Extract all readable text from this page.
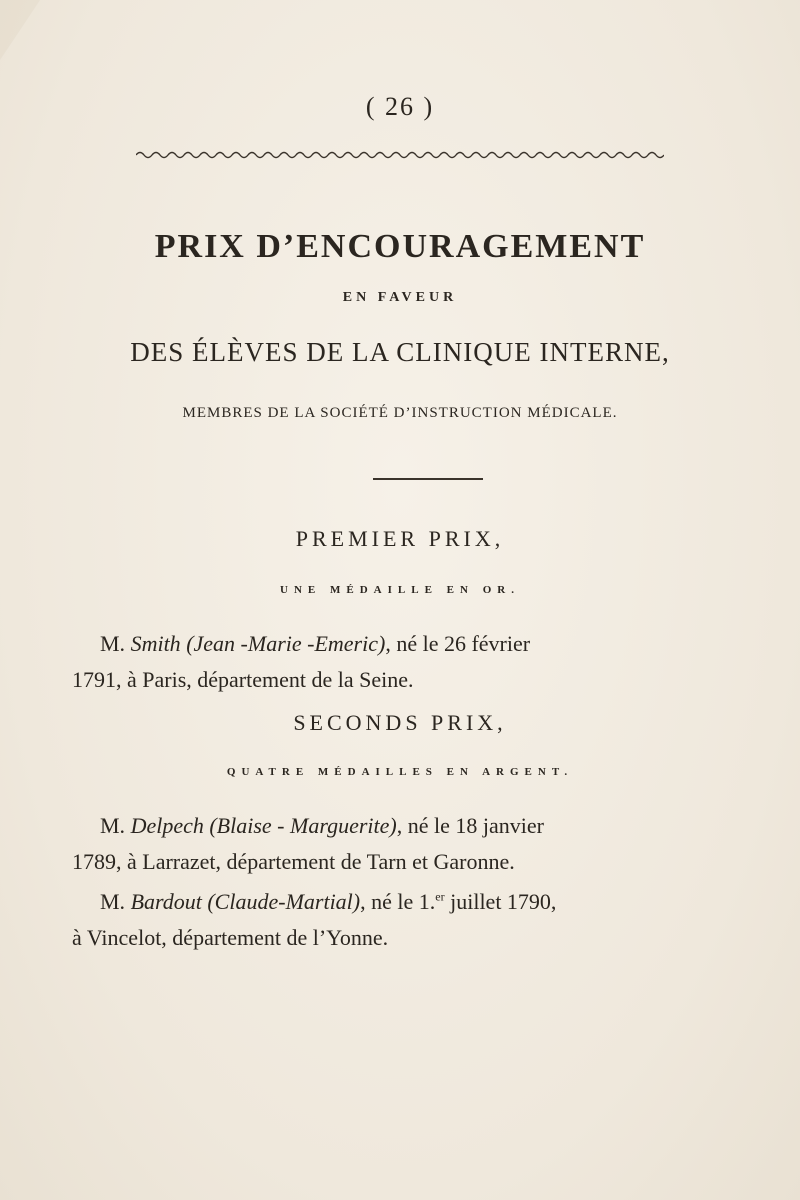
( 26 )
PRIX D’ENCOURAGEMENT
EN FAVEUR
DES ÉLÈVES DE LA CLINIQUE INTERNE,
MEMBRES DE LA SOCIÉTÉ D’INSTRUCTION MÉDICALE.
PREMIER PRIX,
UNE MÉDAILLE EN OR.
M. Smith (Jean -Marie -Emeric), né le 26 février
1791, à Paris, département de la Seine.
SECONDS PRIX,
QUATRE MÉDAILLES EN ARGENT.
M. Delpech (Blaise - Marguerite), né le 18 janvier
1789, à Larrazet, département de Tarn et Garonne.
M. Bardout (Claude-Martial), né le 1.$^{er}$ juillet 1790,
à Vincelot, département de l’Yonne.
